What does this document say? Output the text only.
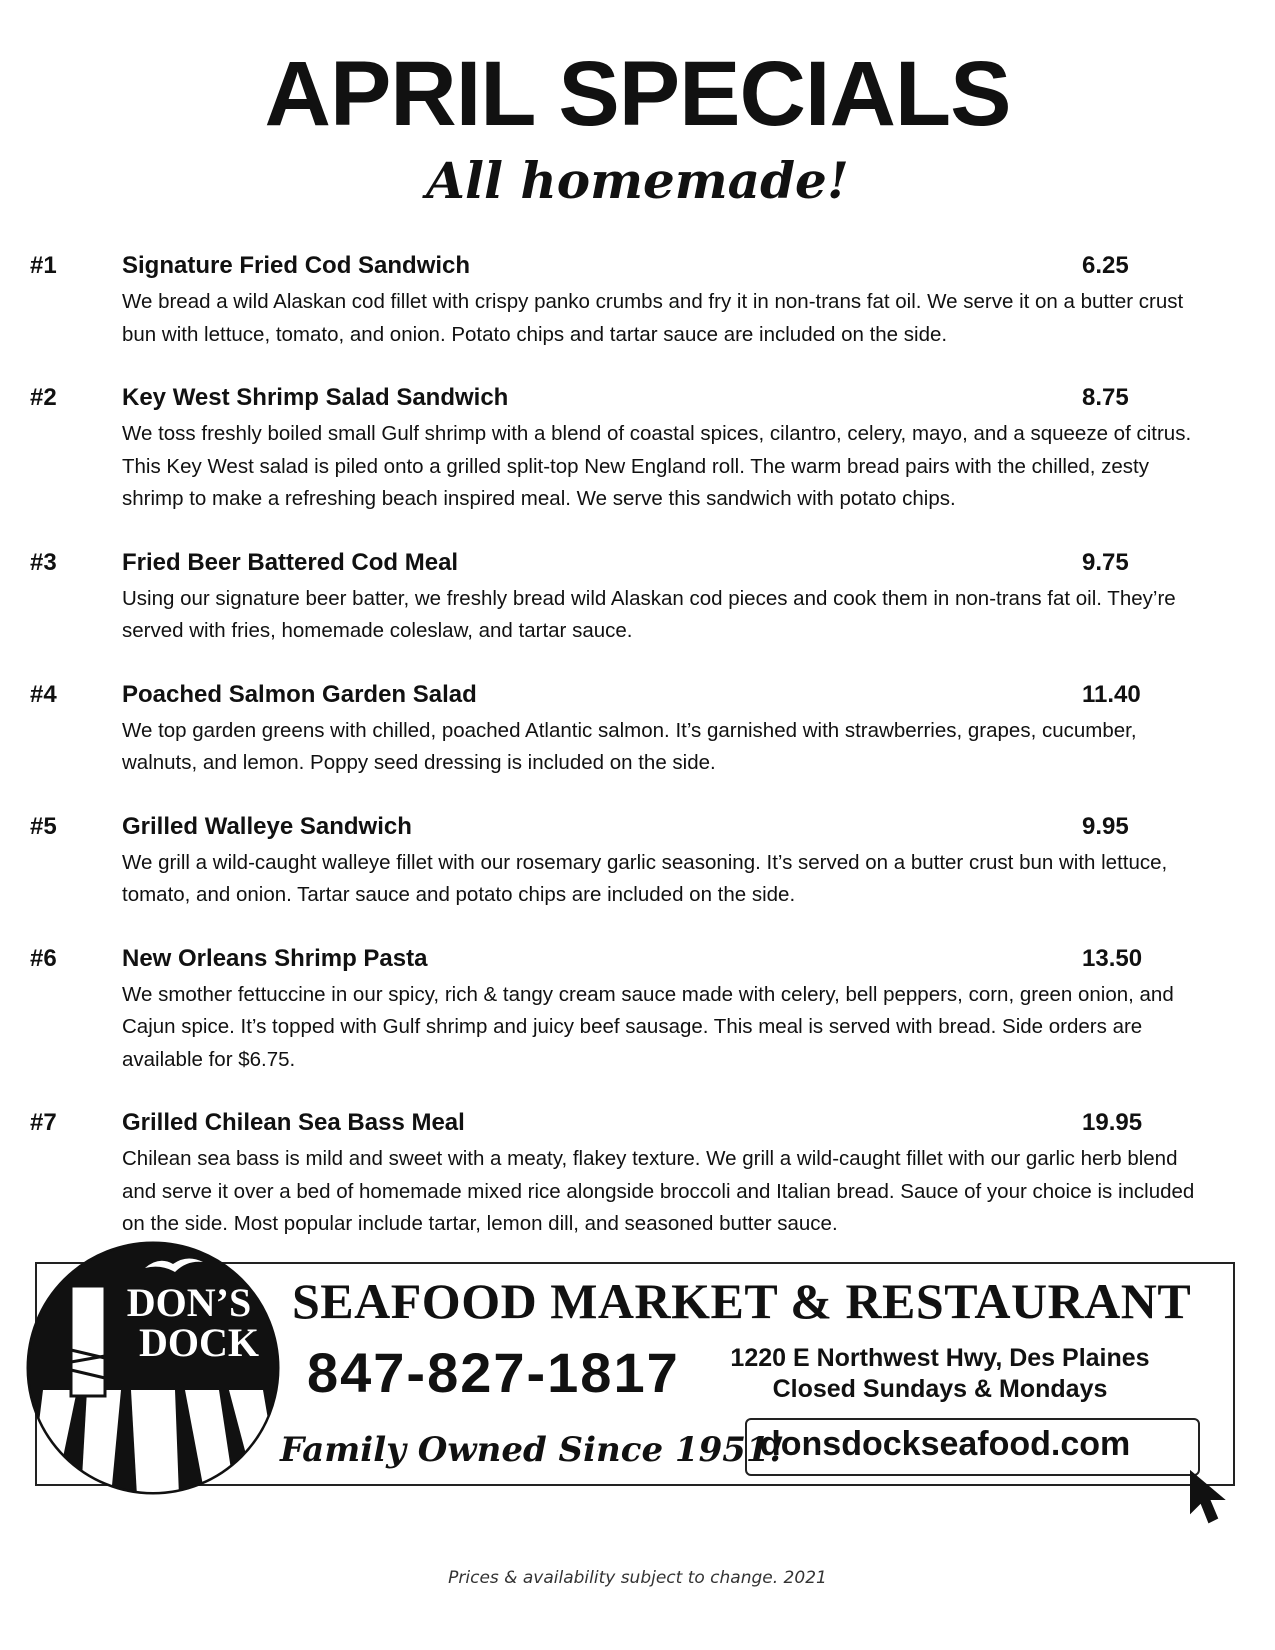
APRIL SPECIALS
All homemade!
#1	Signature Fried Cod Sandwich	6.25
We bread a wild Alaskan cod fillet with crispy panko crumbs and fry it in non-trans fat oil. We serve it on a butter crust bun with lettuce, tomato, and onion. Potato chips and tartar sauce are included on the side.
#2	Key West Shrimp Salad Sandwich	8.75
We toss freshly boiled small Gulf shrimp with a blend of coastal spices, cilantro, celery, mayo, and a squeeze of citrus. This Key West salad is piled onto a grilled split-top New England roll. The warm bread pairs with the chilled, zesty shrimp to make a refreshing beach inspired meal. We serve this sandwich with potato chips.
#3	Fried Beer Battered Cod Meal	9.75
Using our signature beer batter, we freshly bread wild Alaskan cod pieces and cook them in non-trans fat oil. They’re served with fries, homemade coleslaw, and tartar sauce.
#4	Poached Salmon Garden Salad	11.40
We top garden greens with chilled, poached Atlantic salmon. It’s garnished with strawberries, grapes, cucumber, walnuts, and lemon. Poppy seed dressing is included on the side.
#5	Grilled Walleye Sandwich	9.95
We grill a wild-caught walleye fillet with our rosemary garlic seasoning. It’s served on a butter crust bun with lettuce, tomato, and onion. Tartar sauce and potato chips are included on the side.
#6	New Orleans Shrimp Pasta	13.50
We smother fettuccine in our spicy, rich & tangy cream sauce made with celery, bell peppers, corn, green onion, and Cajun spice. It’s topped with Gulf shrimp and juicy beef sausage. This meal is served with bread. Side orders are available for $6.75.
#7	Grilled Chilean Sea Bass Meal	19.95
Chilean sea bass is mild and sweet with a meaty, flakey texture. We grill a wild-caught fillet with our garlic herb blend and serve it over a bed of homemade mixed rice alongside broccoli and Italian bread. Sauce of your choice is included on the side. Most popular include tartar, lemon dill, and seasoned butter sauce.
DON’S
DOCK
SEAFOOD MARKET & RESTAURANT
847-827-1817	1220 E Northwest Hwy, Des Plaines
Closed Sundays & Mondays
Family Owned Since 1951!
donsdockseafood.com
Prices & availability subject to change. 2021
